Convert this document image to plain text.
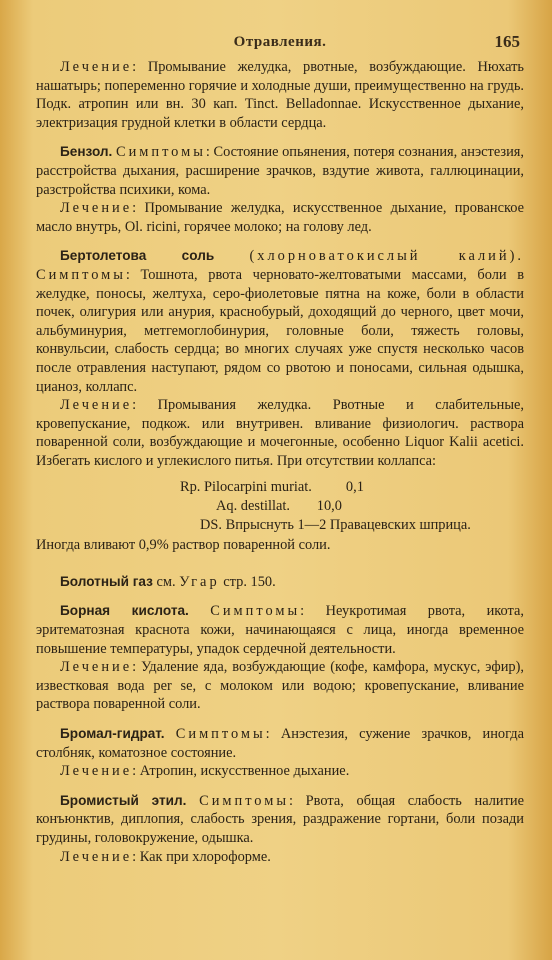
Отравления.	165

Лечение: Промывание желудка, рвотные, возбуждающие. Нюхать нашатырь; попеременно горячие и холодные души, преимущественно на грудь. Подк. атропин или вн. 30 кап. Tinct. Belladonnae. Искусственное дыхание, электризация грудной клетки в области сердца.

Бензол. Симптомы: Состояние опьянения, потеря сознания, анэстезия, расстройства дыхания, расширение зрачков, вздутие живота, галлюцинации, разстройства психики, кома.

Лечение: Промывание желудка, искусственное дыхание, прованское масло внутрь, Ol. ricini, горячее молоко; на голову лед.

Бертолетова соль (хлорноватокислый калий). Симптомы: Тошнота, рвота черновато-желтоватыми массами, боли в желудке, поносы, желтуха, серо-фиолетовые пятна на коже, боли в области почек, олигурия или анурия, краснобурый, доходящий до черного, цвет мочи, альбуминурия, метгемоглобинурия, головные боли, тяжесть головы, конвульсии, слабость сердца; во многих случаях уже спустя несколько часов после отравления наступают, рядом со рвотою и поносами, сильная одышка, цианоз, коллапс.

Лечение: Промывания желудка. Рвотные и слабительные, кровепускание, подкож. или внутривен. вливание физиологич. раствора поваренной соли, возбуждающие и мочегонные, особенно Liquor Kalii acetici. Избегать кислого и углекислого питья. При отсутствии коллапса:

Rp. Pilocarpini muriat. 0,1
Aq. destillat. 10,0
DS. Впрыснуть 1—2 Правацевских шприца.

Иногда вливают 0,9% раствор поваренной соли.

Болотный газ см. Угар стр. 150.

Борная кислота. Симптомы: Неукротимая рвота, икота, эритематозная краснота кожи, начинающаяся с лица, иногда временное повышение температуры, упадок сердечной деятельности.

Лечение: Удаление яда, возбуждающие (кофе, камфора, мускус, эфир), известковая вода per se, с молоком или водою; кровепускание, вливание раствора поваренной соли.

Бромал-гидрат. Симптомы: Анэстезия, сужение зрачков, иногда столбняк, коматозное состояние.

Лечение: Атропин, искусственное дыхание.

Бромистый этил. Симптомы: Рвота, общая слабость налитие конъюнктив, диплопия, слабость зрения, раздражение гортани, боли позади грудины, головокружение, одышка.

Лечение: Как при хлороформе.
